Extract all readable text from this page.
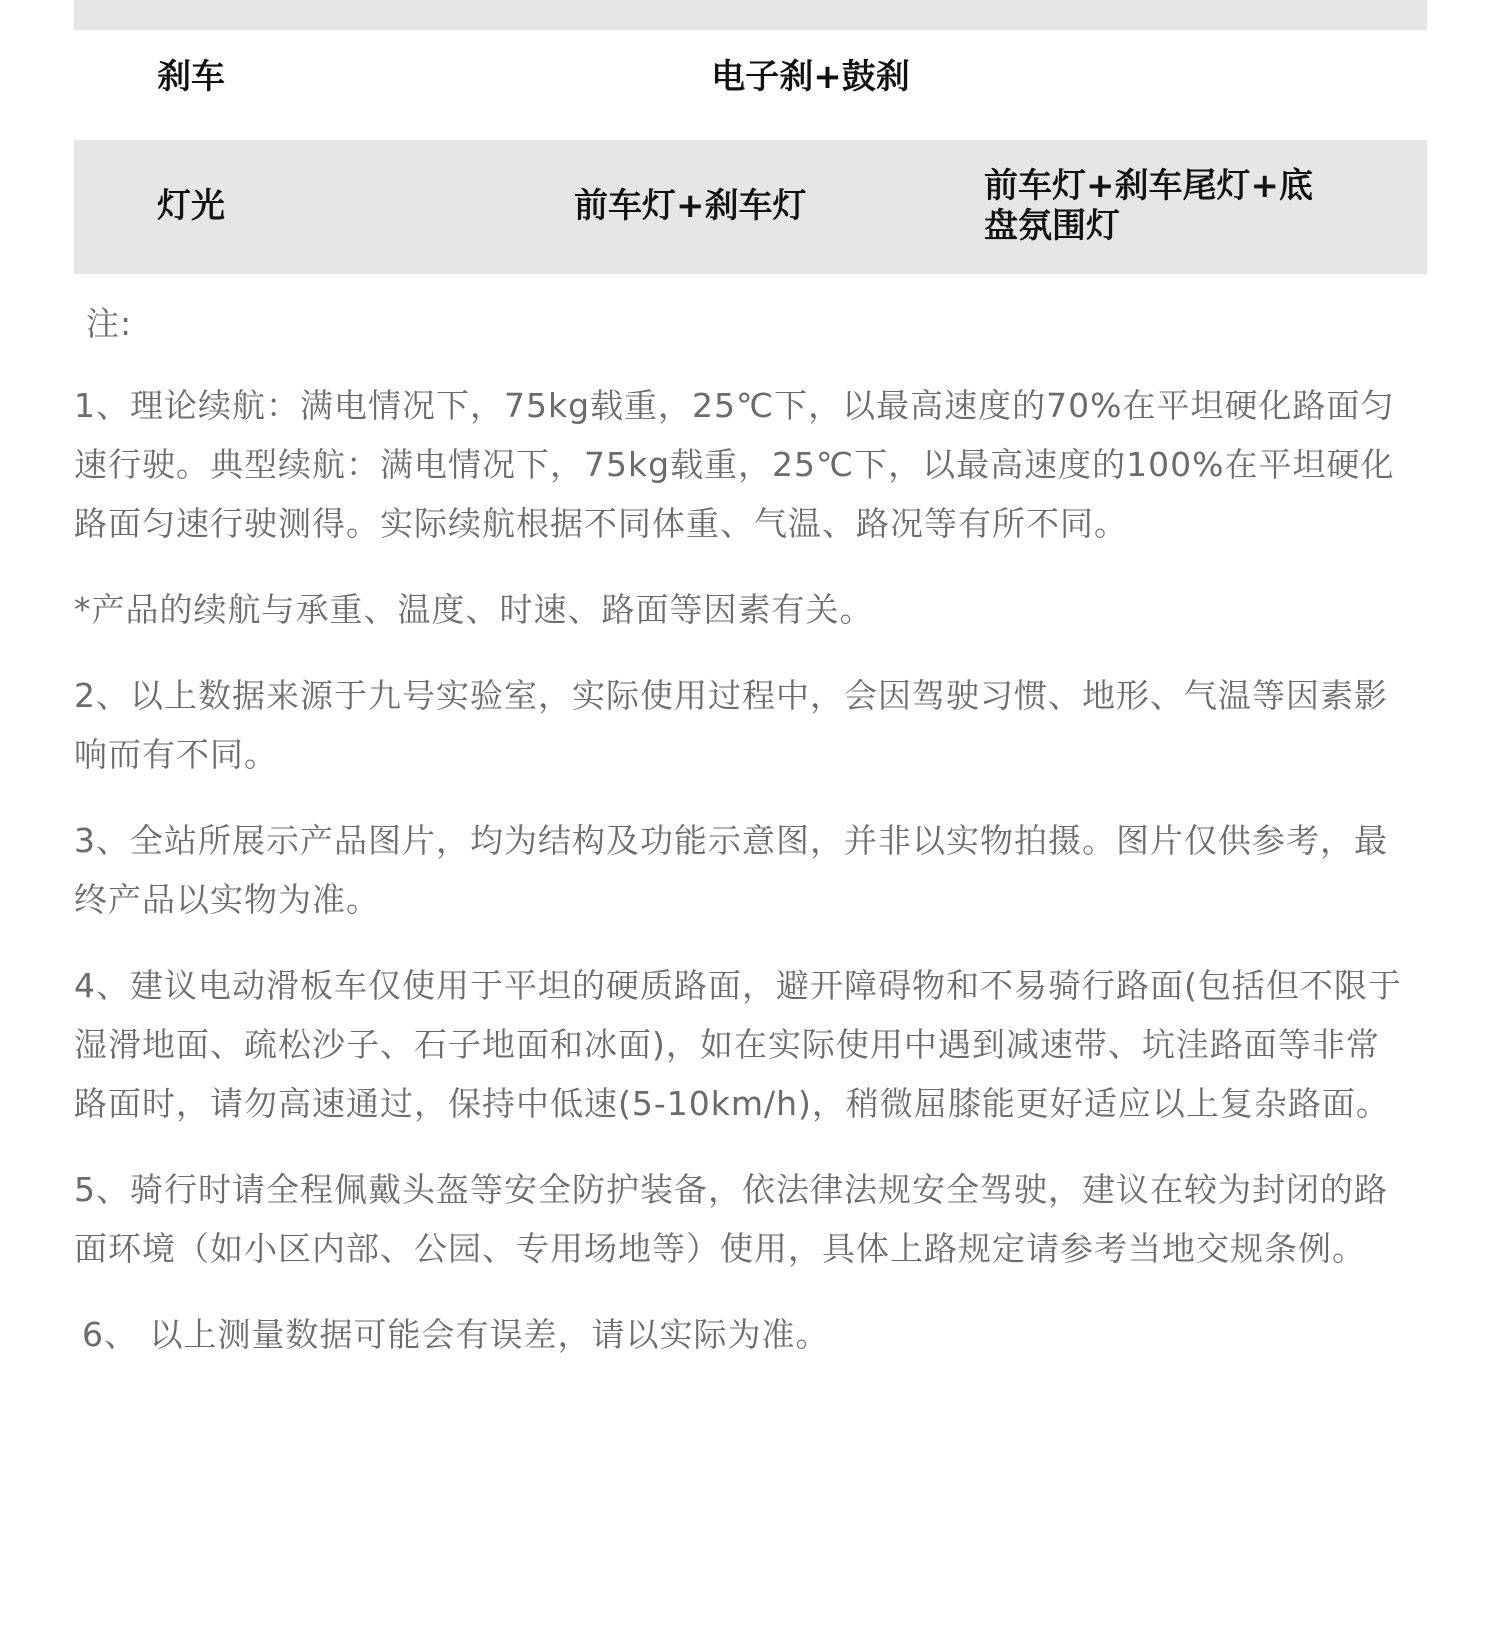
刹车	电子刹+鼓刹
灯光	前车灯+刹车灯	前车灯+刹车尾灯+底盘氛围灯

注:

1、理论续航：满电情况下，75kg载重，25℃下，以最高速度的70%在平坦硬化路面匀速行驶。典型续航：满电情况下，75kg载重，25℃下，以最高速度的100%在平坦硬化路面匀速行驶测得。实际续航根据不同体重、气温、路况等有所不同。

*产品的续航与承重、温度、时速、路面等因素有关。

2、以上数据来源于九号实验室，实际使用过程中，会因驾驶习惯、地形、气温等因素影响而有不同。

3、全站所展示产品图片，均为结构及功能示意图，并非以实物拍摄。图片仅供参考，最终产品以实物为准。

4、建议电动滑板车仅使用于平坦的硬质路面，避开障碍物和不易骑行路面(包括但不限于湿滑地面、疏松沙子、石子地面和冰面)，如在实际使用中遇到减速带、坑洼路面等非常路面时，请勿高速通过，保持中低速(5-10km/h)，稍微屈膝能更好适应以上复杂路面。

5、骑行时请全程佩戴头盔等安全防护装备，依法律法规安全驾驶，建议在较为封闭的路面环境（如小区内部、公园、专用场地等）使用，具体上路规定请参考当地交规条例。

6、 以上测量数据可能会有误差，请以实际为准。
